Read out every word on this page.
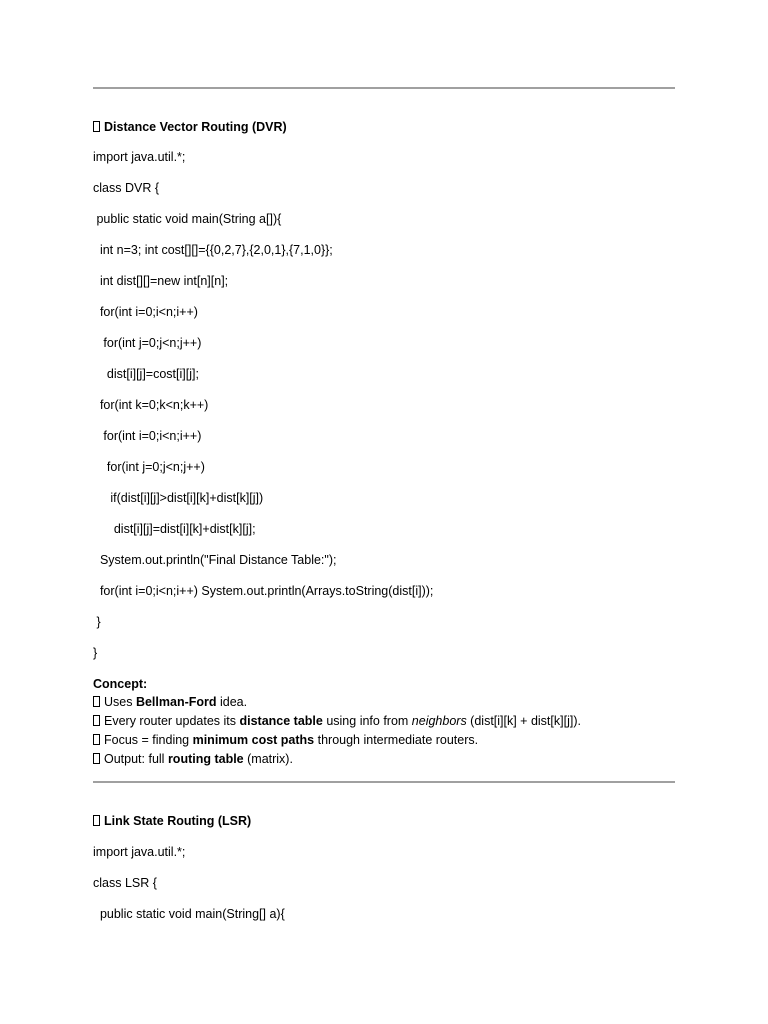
Distance Vector Routing (DVR)
import java.util.*;
class DVR {
public static void main(String a[]){
int n=3; int cost[][]={{0,2,7},{2,0,1},{7,1,0}};
int dist[][]=new int[n][n];
for(int i=0;i<n;i++)
for(int j=0;j<n;j++)
dist[i][j]=cost[i][j];
for(int k=0;k<n;k++)
for(int i=0;i<n;i++)
for(int j=0;j<n;j++)
if(dist[i][j]>dist[i][k]+dist[k][j])
dist[i][j]=dist[i][k]+dist[k][j];
System.out.println("Final Distance Table:");
for(int i=0;i<n;i++) System.out.println(Arrays.toString(dist[i]));
}
}
Concept:
Uses Bellman-Ford idea.
Every router updates its distance table using info from neighbors (dist[i][k] + dist[k][j]).
Focus = finding minimum cost paths through intermediate routers.
Output: full routing table (matrix).
Link State Routing (LSR)
import java.util.*;
class LSR {
public static void main(String[] a){
